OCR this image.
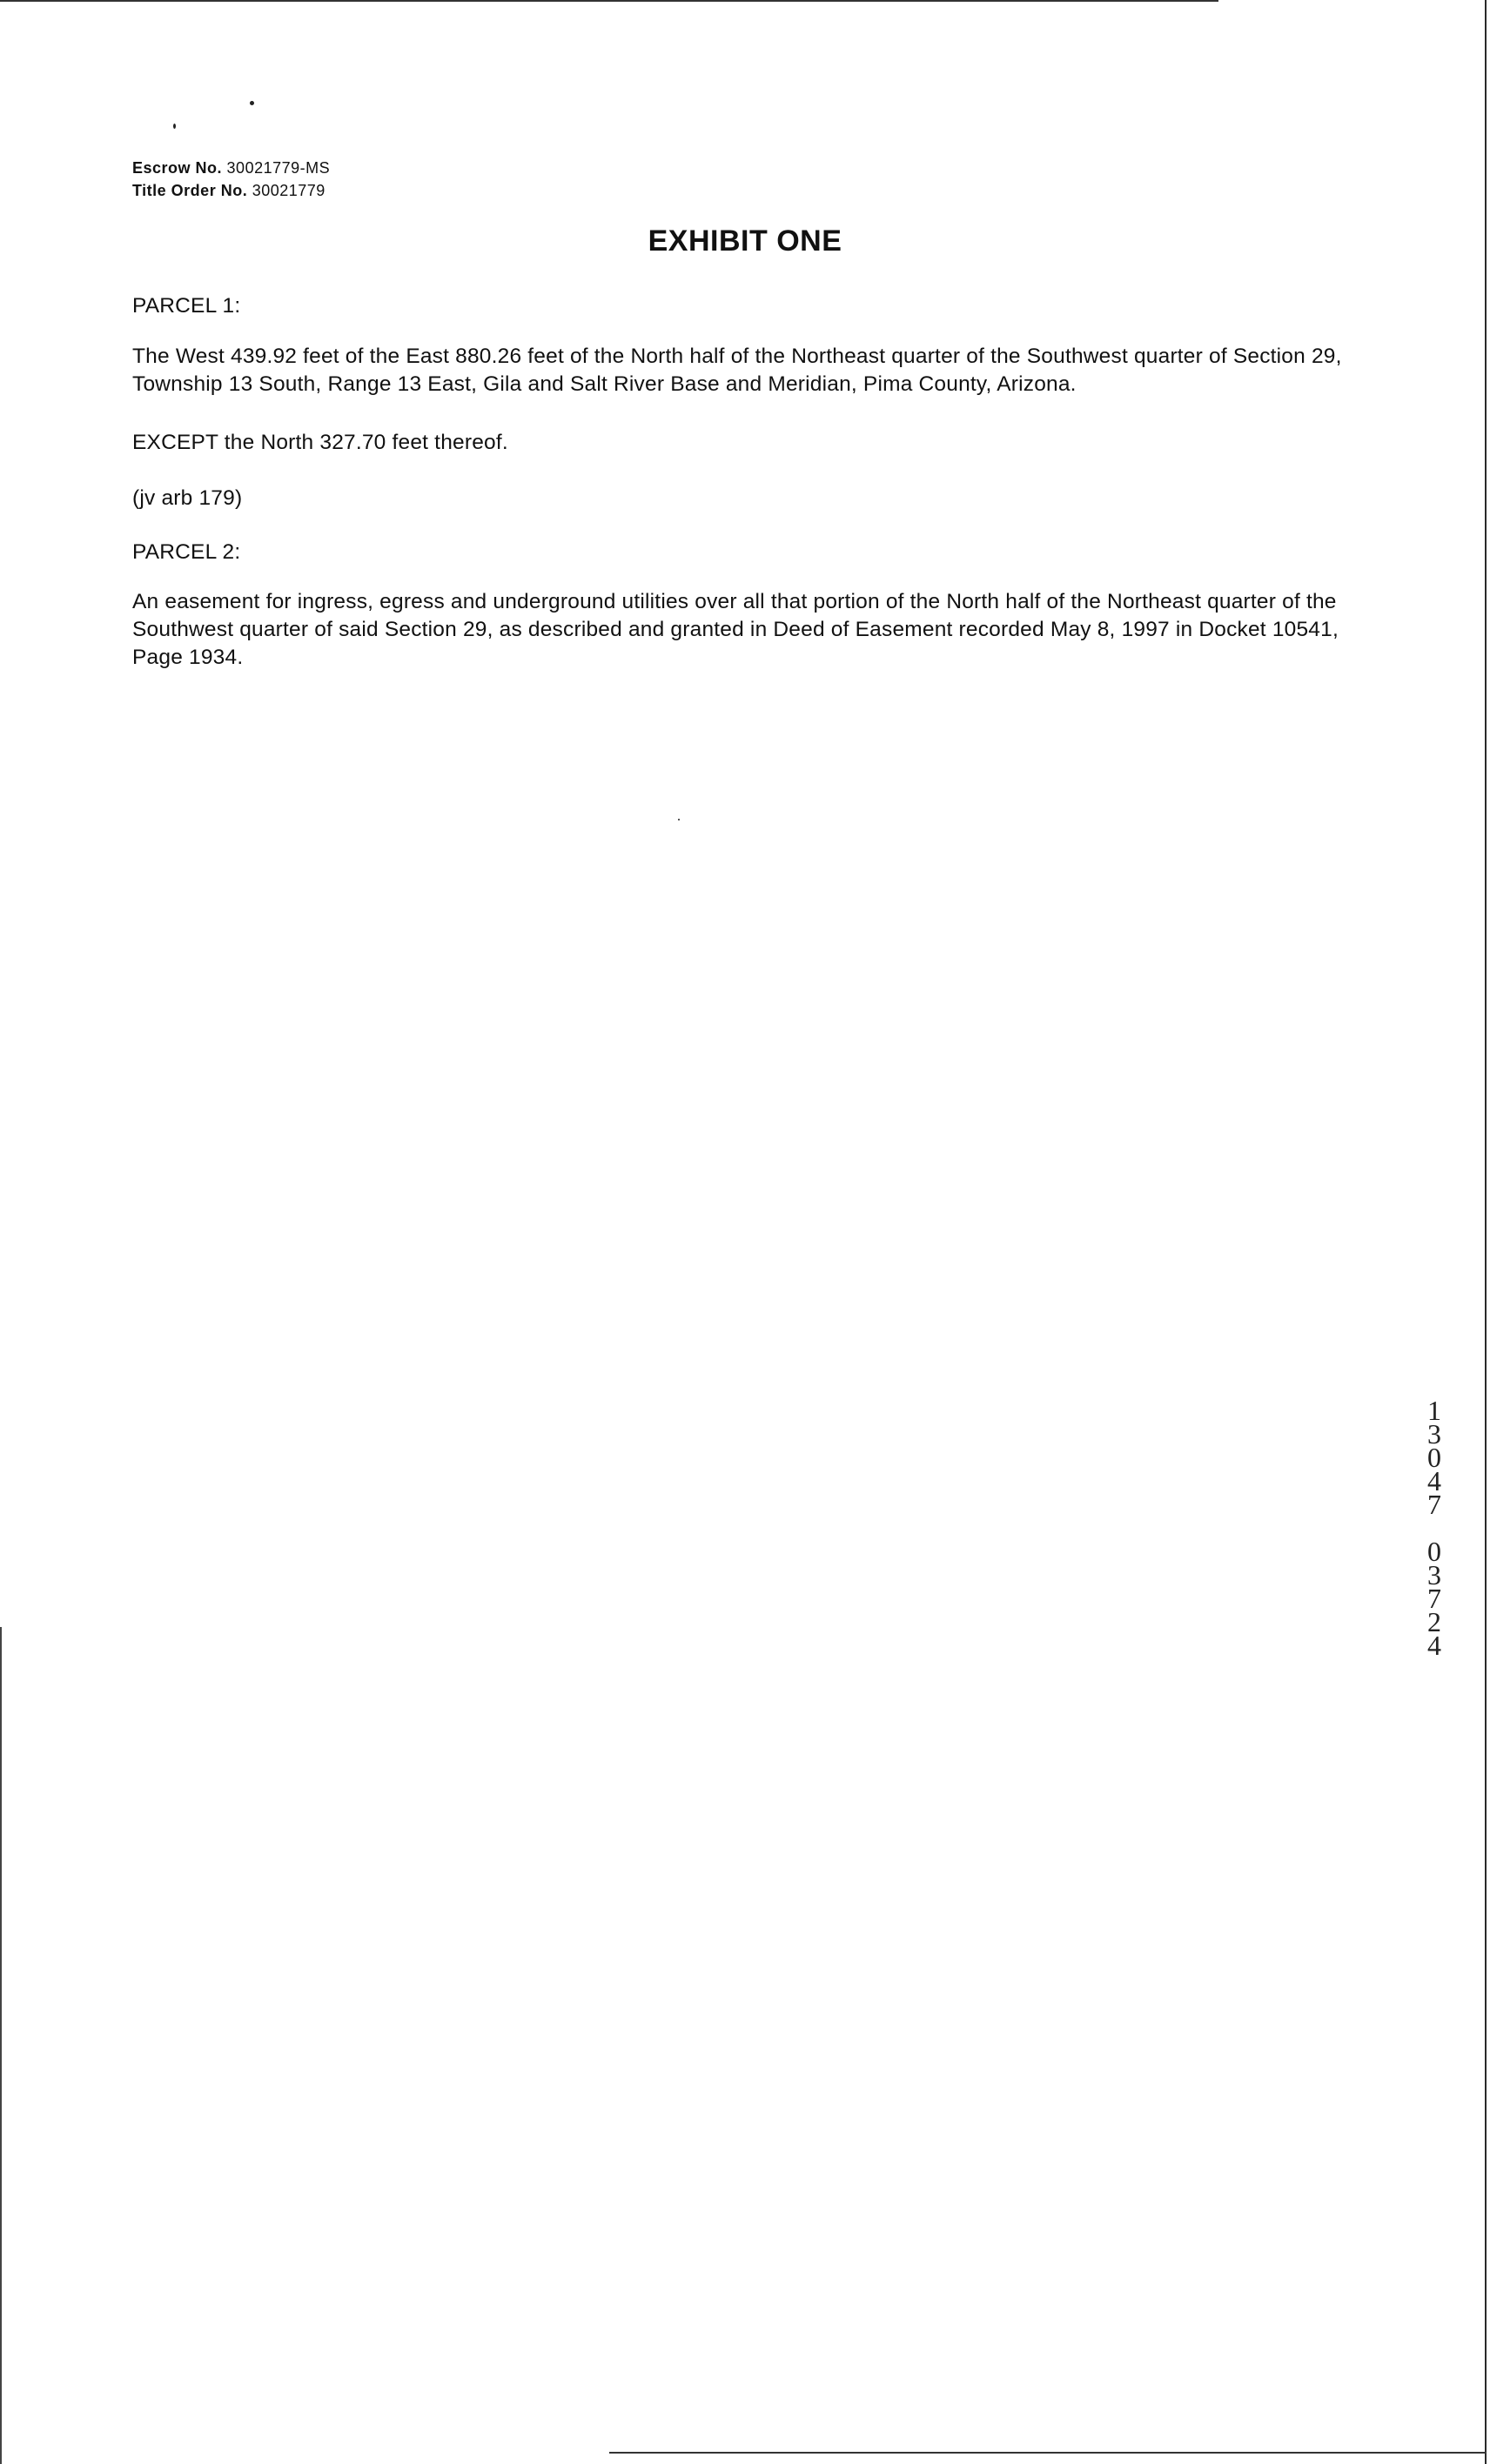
Escrow No. 30021779-MS
Title Order No. 30021779
EXHIBIT ONE
PARCEL 1:
The West 439.92 feet of the East 880.26 feet of the North half of the Northeast quarter of the Southwest quarter of Section 29, Township 13 South, Range 13 East, Gila and Salt River Base and Meridian, Pima County, Arizona.
EXCEPT the North 327.70 feet thereof.
(jv arb 179)
PARCEL 2:
An easement for ingress, egress and underground utilities over all that portion of the North half of the Northeast quarter of the Southwest quarter of said Section 29, as described and granted in Deed of Easement recorded May 8, 1997 in Docket 10541, Page 1934.
1
3
0
4
7
0
3
7
2
4
